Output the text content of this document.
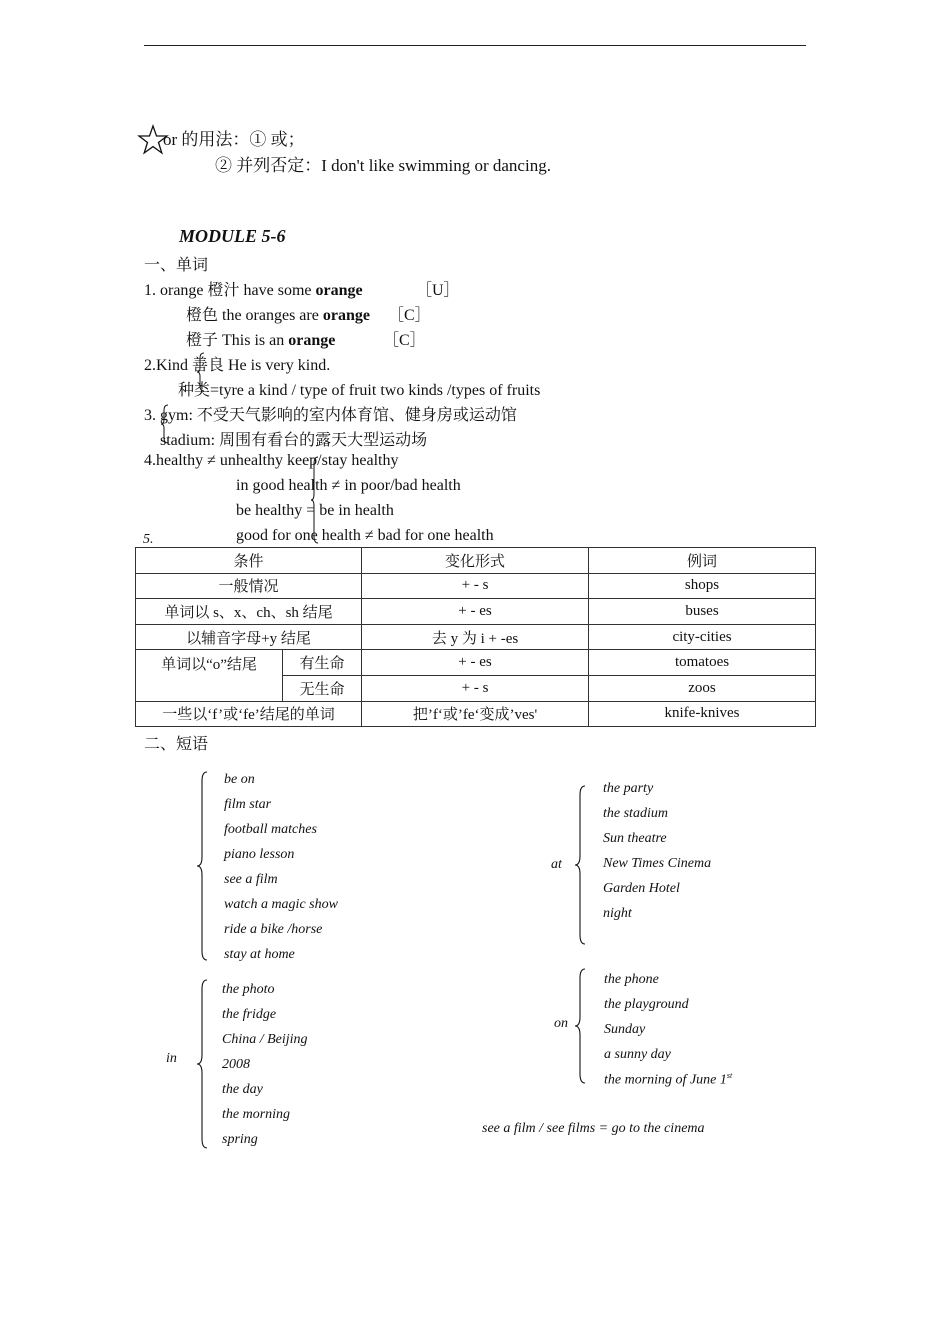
or 的用法：① 或；
② 并列否定：I don't like swimming or dancing.
MODULE 5-6
一、单词
1. orange 橙汁 have some orange	［U］
橙色 the oranges are orange ［C］
橙子 This is an orange	［C］
2.Kind 善良 He is very kind.
种类=tyre a kind / type of fruit two kinds /types of fruits
3. gym: 不受天气影响的室内体育馆、健身房或运动馆
stadium: 周围有看台的露天大型运动场
4.healthy ≠ unhealthy keep/stay healthy
in good health ≠ in poor/bad health
be healthy = be in health
good for one health ≠ bad for one health
5.
条件		变化形式	例词
一般情况		+ - s	shops
单词以 s、x、ch、sh 结尾		+ - es	buses
以辅音字母+y 结尾		去 y 为 i + -es	city-cities
单词以“o”结尾	有生命	+ - es	tomatoes
	无生命	+ - s	zoos
一些以‘f’或‘fe’结尾的单词		把’f‘或’fe‘变成’ves'	knife-knives
二、短语
be on
film star
football matches
piano lesson
see a film
watch a magic show
ride a bike /horse
stay at home
at
the party
the stadium
Sun theatre
New Times Cinema
Garden Hotel
night
in
the photo
the fridge
China / Beijing
2008
the day
the morning
spring
on
the phone
the playground
Sunday
a sunny day
the morning of June 1st
see a film / see films = go to the cinema
